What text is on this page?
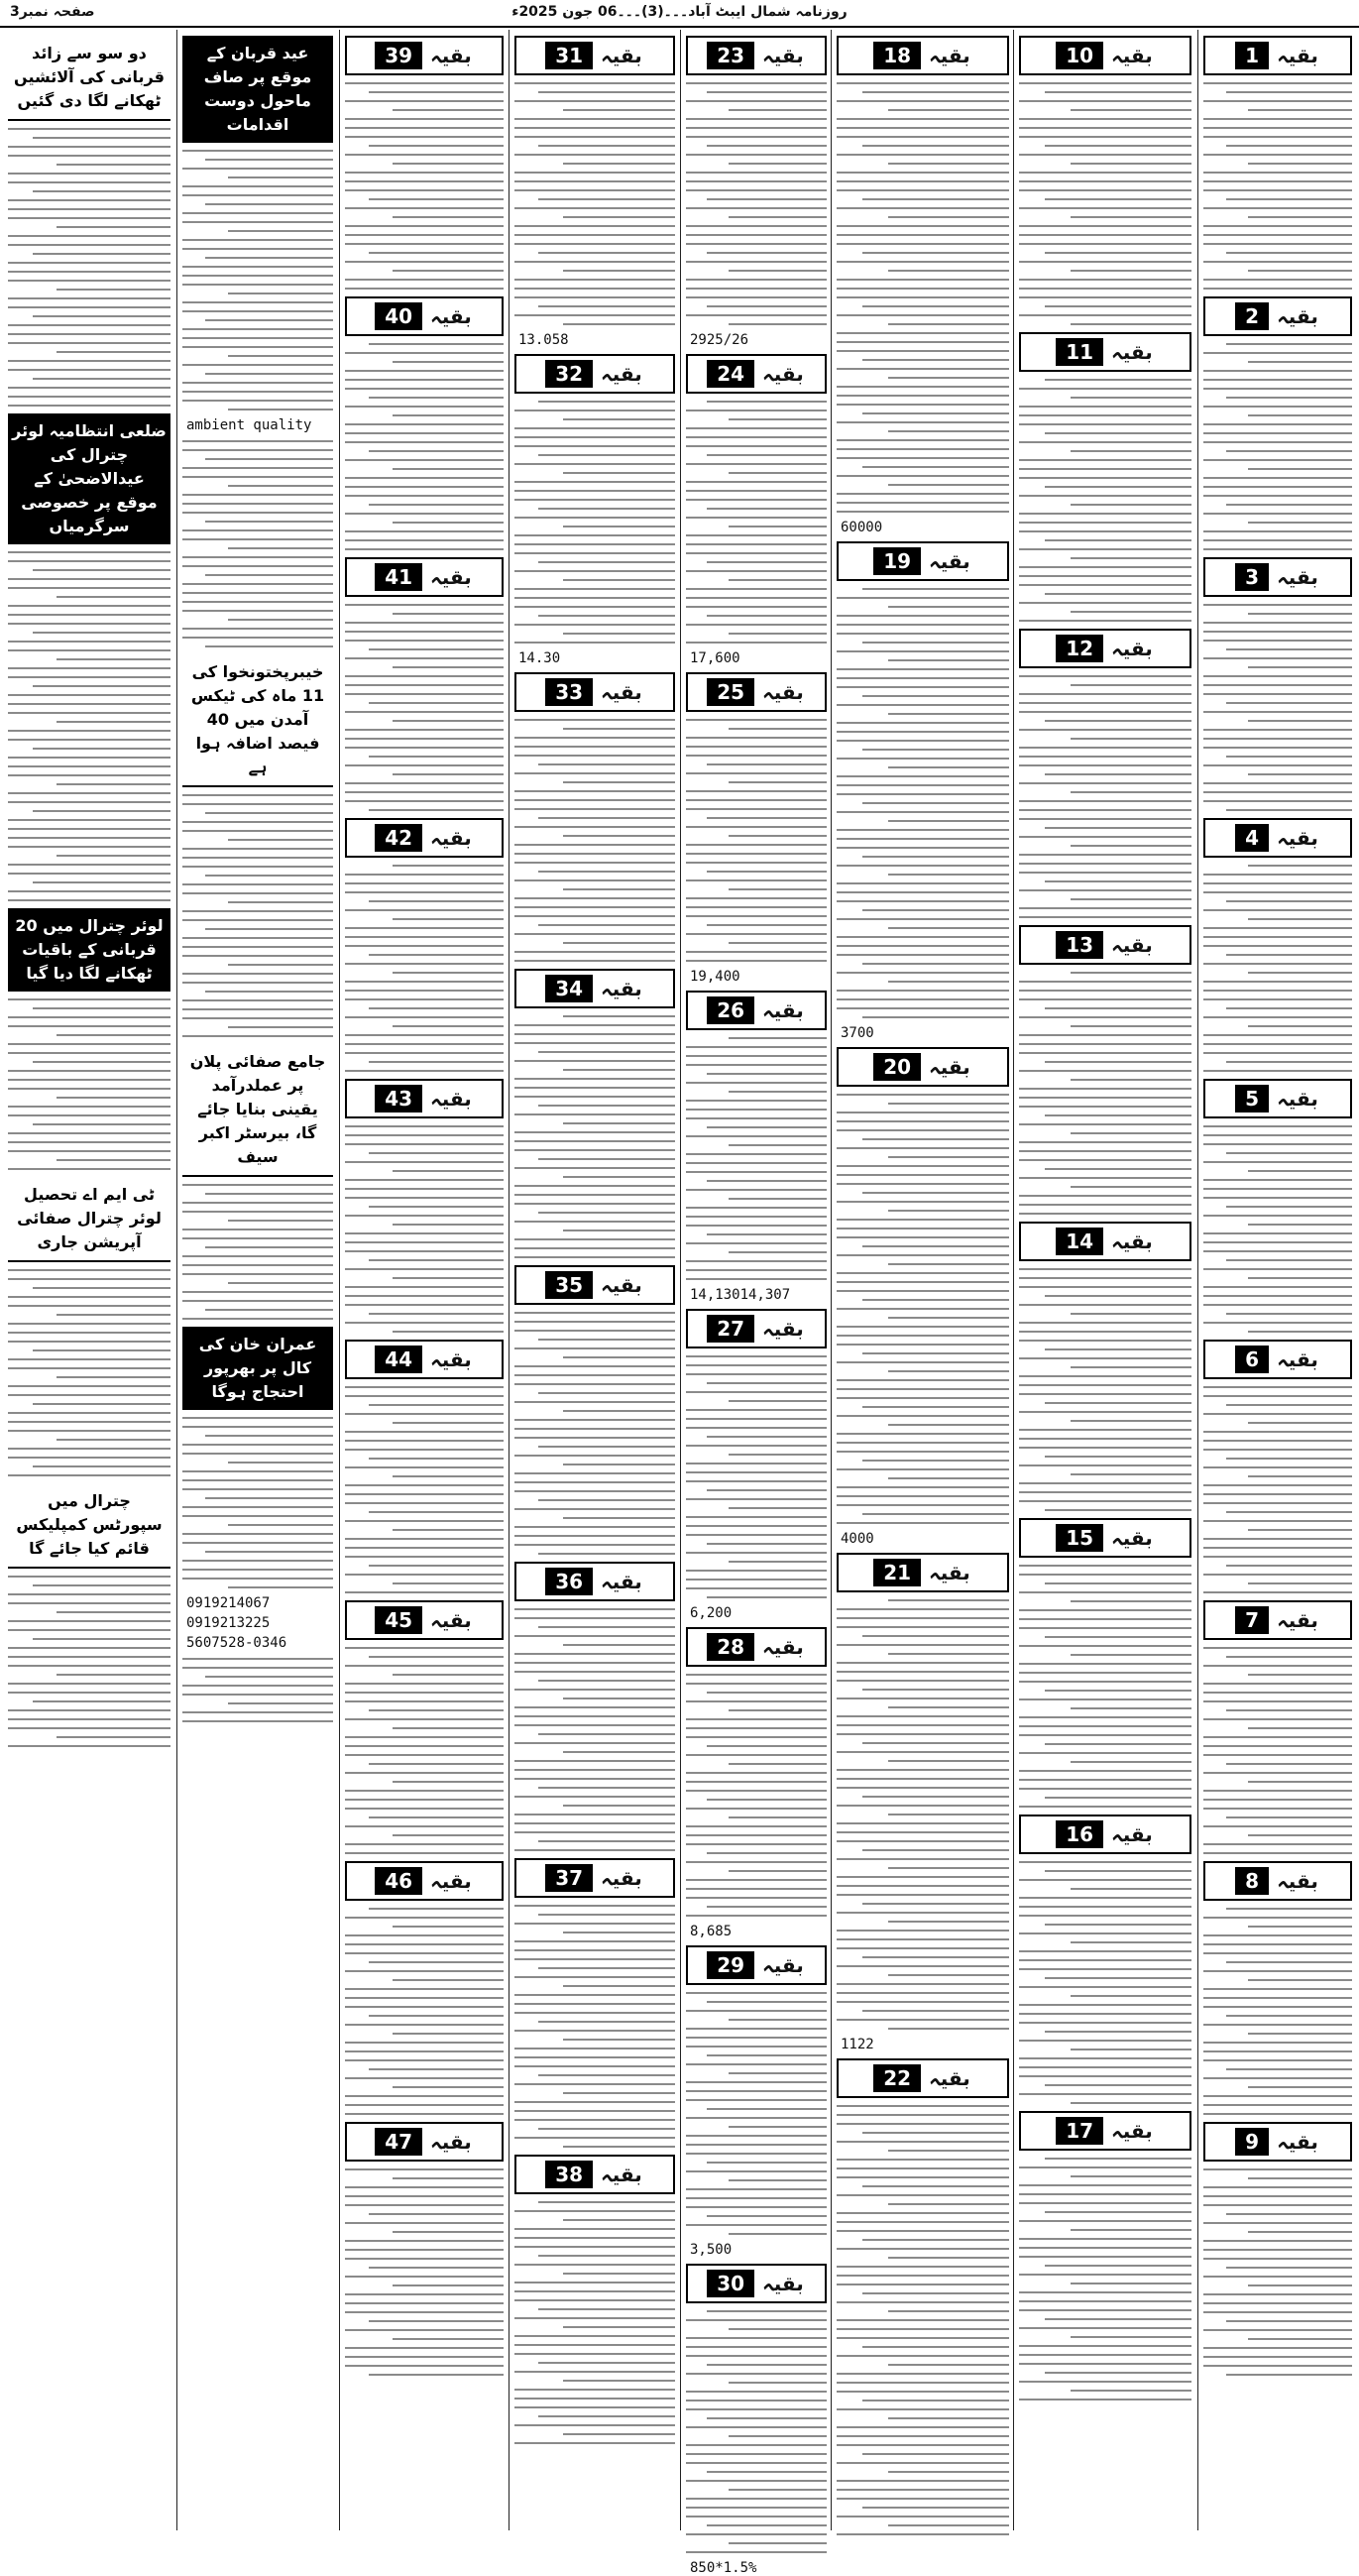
روزنامہ شمال ایبٹ آباد۔۔۔(3)۔۔۔06 جون 2025ء
صفحہ نمبر3
بقیہ
1
بقیہ
2
بقیہ
3
بقیہ
4
بقیہ
5
بقیہ
6
بقیہ
7
بقیہ
8
بقیہ
9
بقیہ
10
بقیہ
11
بقیہ
12
بقیہ
13
بقیہ
14
بقیہ
15
بقیہ
16
بقیہ
17
بقیہ
18
60000
بقیہ
19
3700
بقیہ
20
4000
بقیہ
21
1122
بقیہ
22
بقیہ
23
2925/26
بقیہ
24
17,600
بقیہ
25
19,400
بقیہ
26
14,13014,307
بقیہ
27
6,200
بقیہ
28
8,685
بقیہ
29
3,500
بقیہ
30
850*1.5%
بقیہ
31
13.058
بقیہ
32
14.30
بقیہ
33
بقیہ
34
بقیہ
35
بقیہ
36
بقیہ
37
بقیہ
38
بقیہ
39
بقیہ
40
بقیہ
41
بقیہ
42
بقیہ
43
بقیہ
44
بقیہ
45
بقیہ
46
بقیہ
47
عید قربان کے موقع پر صاف ماحول دوست اقدامات
ambient quality
خیبرپختونخوا کی 11 ماہ کی ٹیکس آمدن میں 40 فیصد اضافہ ہوا ہے
جامع صفائی پلان پر عملدرآمد یقینی بنایا جائے گا، بیرسٹر اکبر سیف
عمران خان کی کال پر بھرپور احتجاج ہوگا
0919214067
0919213225
5607528-0346
دو سو سے زائد قربانی کی آلائشیں ٹھکانے لگا دی گئیں
ضلعی انتظامیہ لوئر چترال کی عیدالاضحیٰ کے موقع پر خصوصی سرگرمیاں
لوئر چترال میں 20 قربانی کے باقیات ٹھکانے لگا دیا گیا
ٹی ایم اے تحصیل لوئر چترال صفائی آپریشن جاری
چترال میں سپورٹس کمپلیکس قائم کیا جائے گا
